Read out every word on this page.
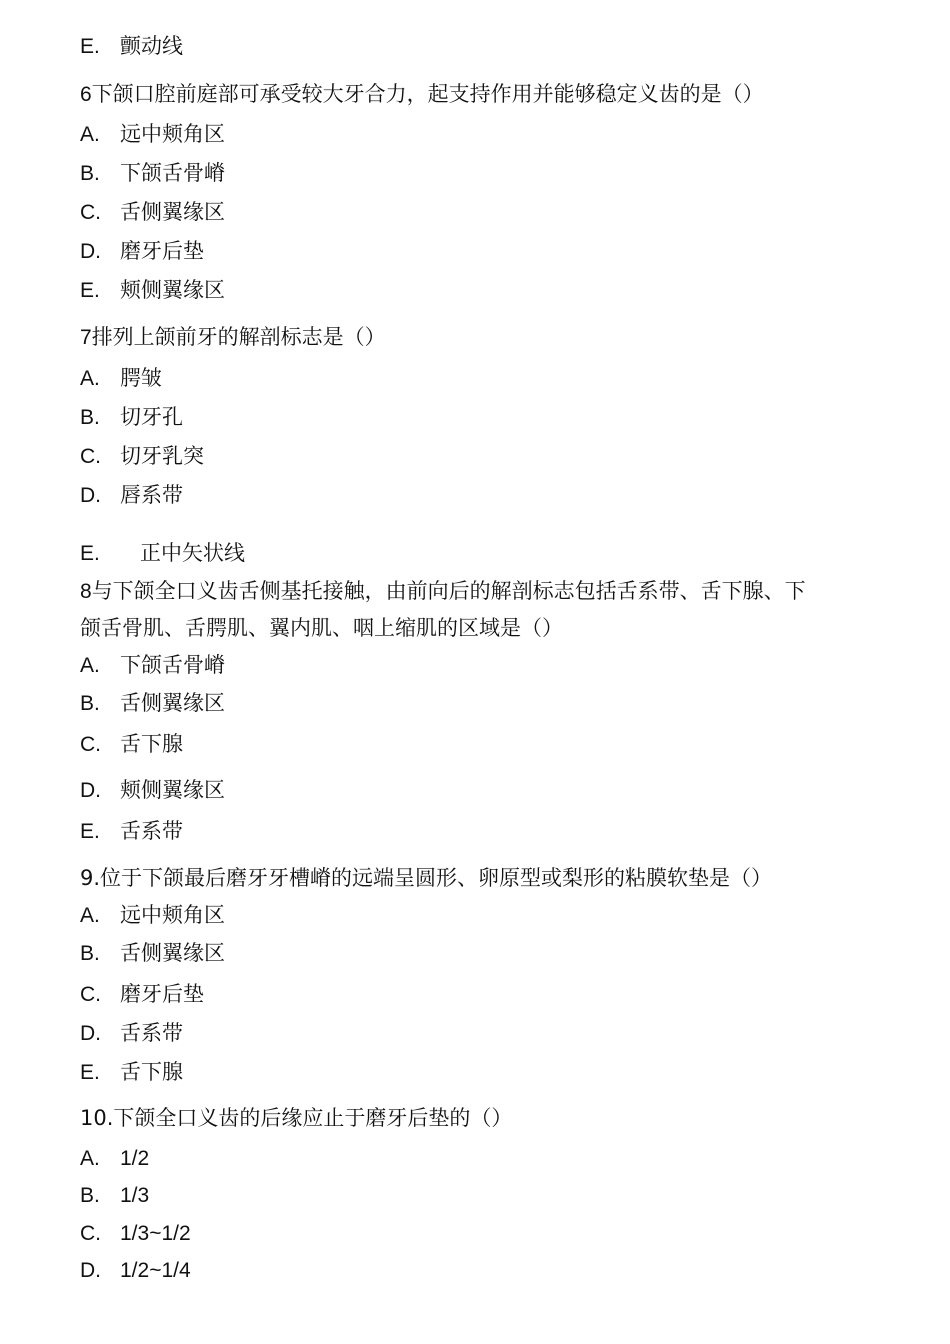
E. 颤动线
6下颌口腔前庭部可承受较大牙合力，起支持作用并能够稳定义齿的是（）
A. 远中颊角区
B. 下颌舌骨嵴
C. 舌侧翼缘区
D. 磨牙后垫
E. 颊侧翼缘区
7排列上颌前牙的解剖标志是（）
A. 腭皱
B. 切牙孔
C. 切牙乳突
D. 唇系带
E. 正中矢状线
8与下颌全口义齿舌侧基托接触，由前向后的解剖标志包括舌系带、舌下腺、下
颌舌骨肌、舌腭肌、翼内肌、咽上缩肌的区域是（）
A. 下颌舌骨嵴
B. 舌侧翼缘区
C. 舌下腺
D. 颊侧翼缘区
E. 舌系带
9.位于下颌最后磨牙牙槽嵴的远端呈圆形、卵原型或梨形的粘膜软垫是（）
A. 远中颊角区
B. 舌侧翼缘区
C. 磨牙后垫
D. 舌系带
E. 舌下腺
10.下颌全口义齿的后缘应止于磨牙后垫的（）
A. 1/2
B. 1/3
C. 1/3~1/2
D. 1/2~1/4
